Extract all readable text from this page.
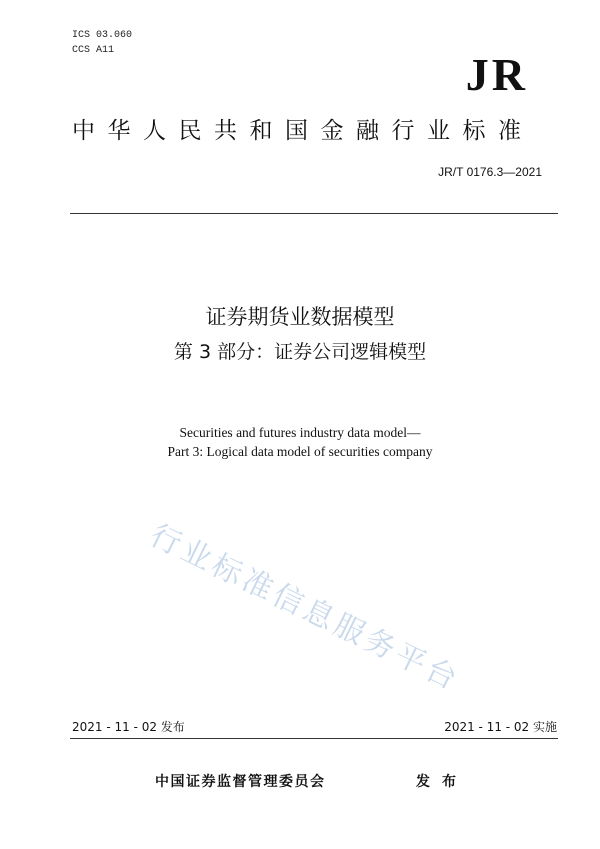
ICS 03.060
CCS A11	JR
中华人民共和国金融行业标准
JR/T 0176.3—2021
证券期货业数据模型
第 3 部分：证券公司逻辑模型
Securities and futures industry data model—
Part 3: Logical data model of securities company
行业标准信息服务平台
2021 - 11 - 02 发布	2021 - 11 - 02 实施
中国证券监督管理委员会	发布
